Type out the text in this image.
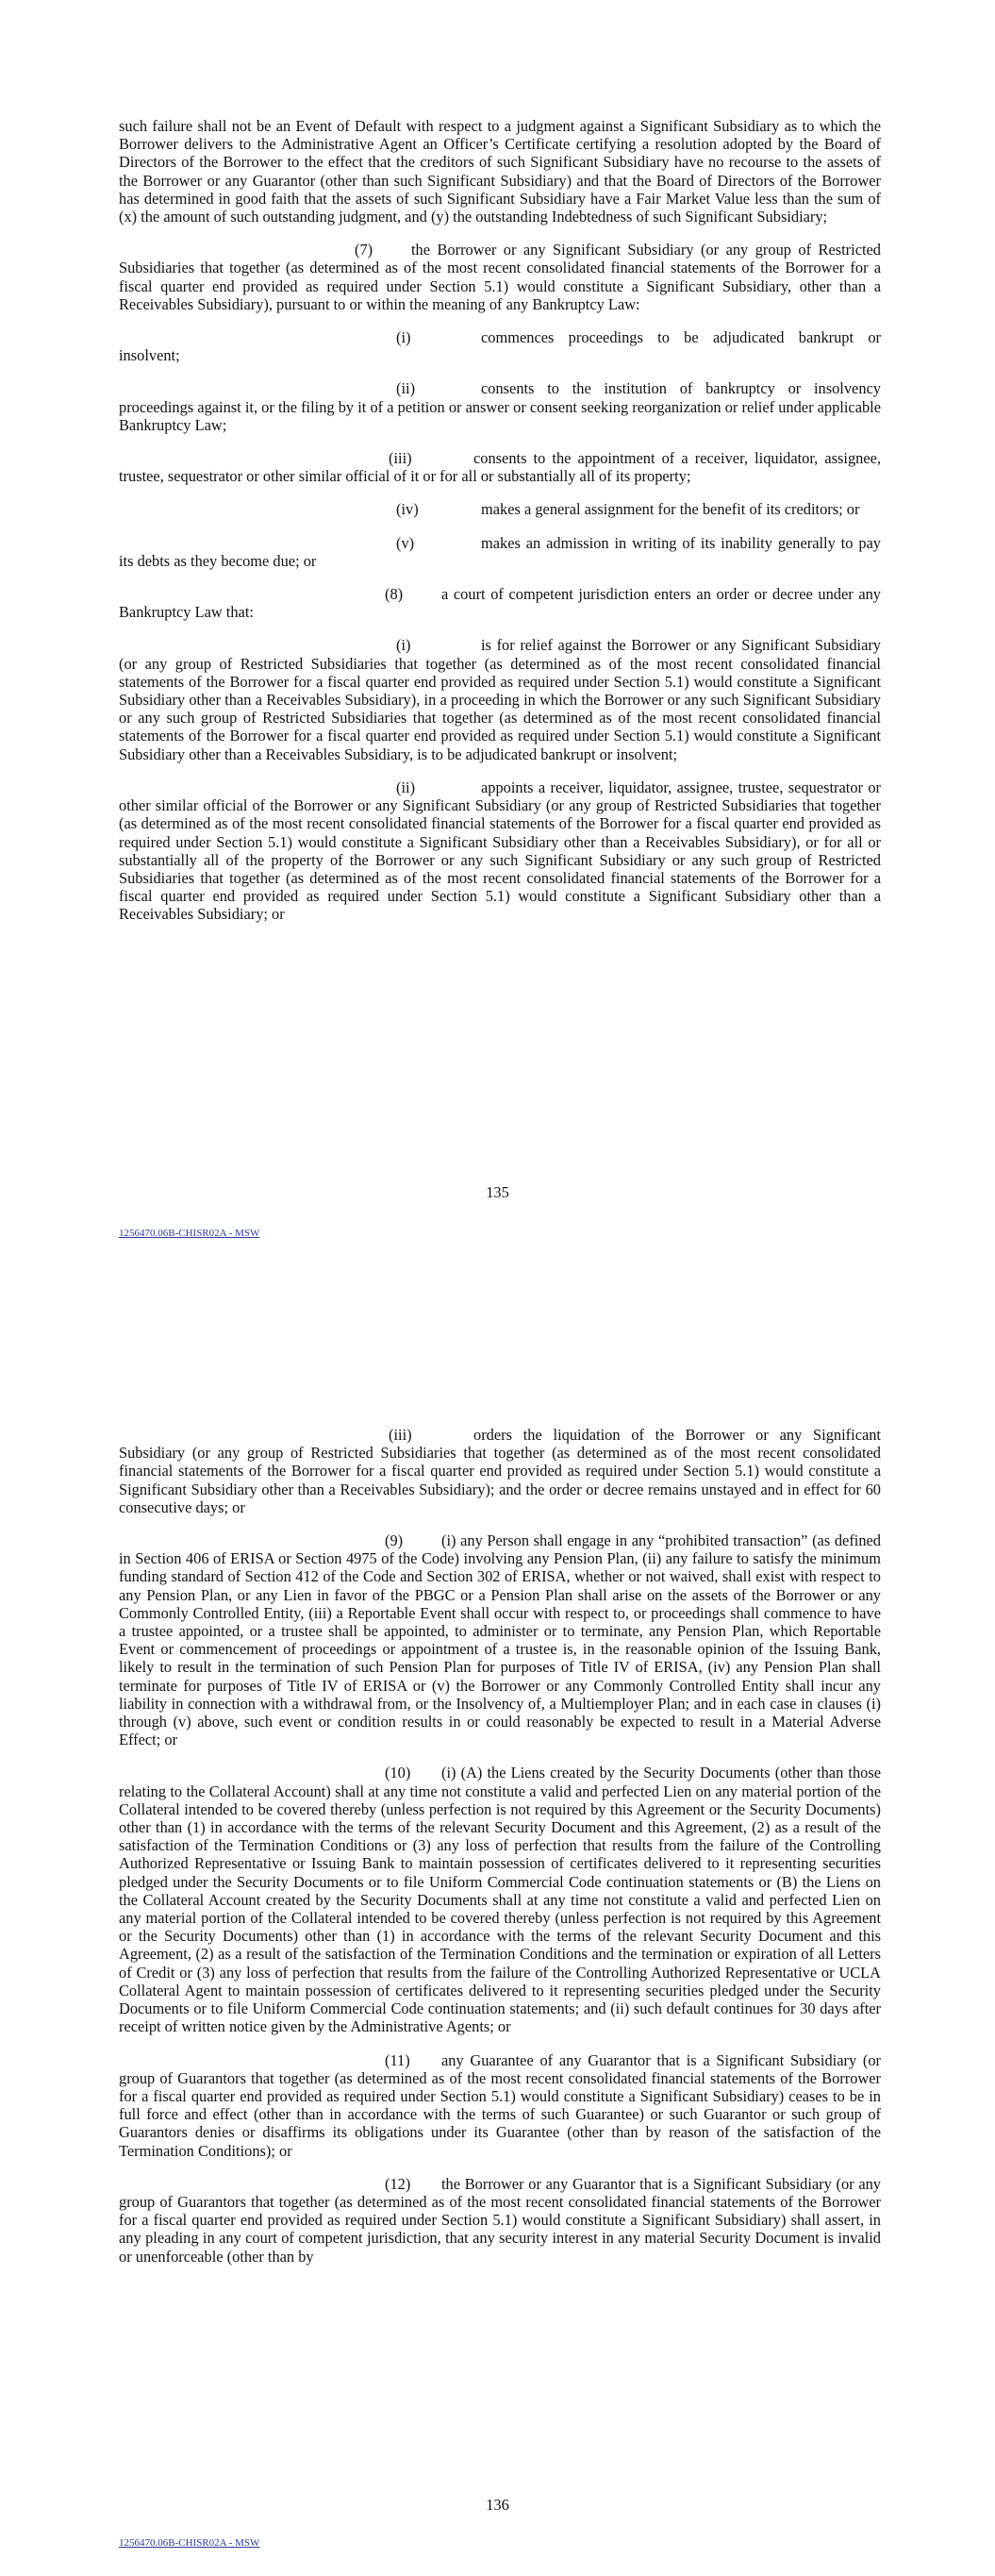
such failure shall not be an Event of Default with respect to a judgment against a Significant Subsidiary as to which the Borrower delivers to the Administrative Agent an Officer’s Certificate certifying a resolution adopted by the Board of Directors of the Borrower to the effect that the creditors of such Significant Subsidiary have no recourse to the assets of the Borrower or any Guarantor (other than such Significant Subsidiary) and that the Board of Directors of the Borrower has determined in good faith that the assets of such Significant Subsidiary have a Fair Market Value less than the sum of (x) the amount of such outstanding judgment, and (y) the outstanding Indebtedness of such Significant Subsidiary;

(7) the Borrower or any Significant Subsidiary (or any group of Restricted Subsidiaries that together (as determined as of the most recent consolidated financial statements of the Borrower for a fiscal quarter end provided as required under Section 5.1) would constitute a Significant Subsidiary, other than a Receivables Subsidiary), pursuant to or within the meaning of any Bankruptcy Law:

(i)	commences proceedings to be adjudicated bankrupt or insolvent;

(ii)	consents to the institution of bankruptcy or insolvency proceedings against it, or the filing by it of a petition or answer or consent seeking reorganization or relief under applicable Bankruptcy Law;

(iii)	consents to the appointment of a receiver, liquidator, assignee, trustee, sequestrator or other similar official of it or for all or substantially all of its property;

(iv)	makes a general assignment for the benefit of its creditors; or

(v)	makes an admission in writing of its inability generally to pay its debts as they become due; or

(8) a court of competent jurisdiction enters an order or decree under any Bankruptcy Law that:

(i)	is for relief against the Borrower or any Significant Subsidiary (or any group of Restricted Subsidiaries that together (as determined as of the most recent consolidated financial statements of the Borrower for a fiscal quarter end provided as required under Section 5.1) would constitute a Significant Subsidiary other than a Receivables Subsidiary), in a proceeding in which the Borrower or any such Significant Subsidiary or any such group of Restricted Subsidiaries that together (as determined as of the most recent consolidated financial statements of the Borrower for a fiscal quarter end provided as required under Section 5.1) would constitute a Significant Subsidiary other than a Receivables Subsidiary, is to be adjudicated bankrupt or insolvent;

(ii)	appoints a receiver, liquidator, assignee, trustee, sequestrator or other similar official of the Borrower or any Significant Subsidiary (or any group of Restricted Subsidiaries that together (as determined as of the most recent consolidated financial statements of the Borrower for a fiscal quarter end provided as required under Section 5.1) would constitute a Significant Subsidiary other than a Receivables Subsidiary), or for all or substantially all of the property of the Borrower or any such Significant Subsidiary or any such group of Restricted Subsidiaries that together (as determined as of the most recent consolidated financial statements of the Borrower for a fiscal quarter end provided as required under Section 5.1) would constitute a Significant Subsidiary other than a Receivables Subsidiary; or

135
1256470.06B-CHISR02A - MSW

(iii)	orders the liquidation of the Borrower or any Significant Subsidiary (or any group of Restricted Subsidiaries that together (as determined as of the most recent consolidated financial statements of the Borrower for a fiscal quarter end provided as required under Section 5.1) would constitute a Significant Subsidiary other than a Receivables Subsidiary); and the order or decree remains unstayed and in effect for 60 consecutive days; or

(9) (i) any Person shall engage in any “prohibited transaction” (as defined in Section 406 of ERISA or Section 4975 of the Code) involving any Pension Plan, (ii) any failure to satisfy the minimum funding standard of Section 412 of the Code and Section 302 of ERISA, whether or not waived, shall exist with respect to any Pension Plan, or any Lien in favor of the PBGC or a Pension Plan shall arise on the assets of the Borrower or any Commonly Controlled Entity, (iii) a Reportable Event shall occur with respect to, or proceedings shall commence to have a trustee appointed, or a trustee shall be appointed, to administer or to terminate, any Pension Plan, which Reportable Event or commencement of proceedings or appointment of a trustee is, in the reasonable opinion of the Issuing Bank, likely to result in the termination of such Pension Plan for purposes of Title IV of ERISA, (iv) any Pension Plan shall terminate for purposes of Title IV of ERISA or (v) the Borrower or any Commonly Controlled Entity shall incur any liability in connection with a withdrawal from, or the Insolvency of, a Multiemployer Plan; and in each case in clauses (i) through (v) above, such event or condition results in or could reasonably be expected to result in a Material Adverse Effect; or

(10) (i) (A) the Liens created by the Security Documents (other than those relating to the Collateral Account) shall at any time not constitute a valid and perfected Lien on any material portion of the Collateral intended to be covered thereby (unless perfection is not required by this Agreement or the Security Documents) other than (1) in accordance with the terms of the relevant Security Document and this Agreement, (2) as a result of the satisfaction of the Termination Conditions or (3) any loss of perfection that results from the failure of the Controlling Authorized Representative or Issuing Bank to maintain possession of certificates delivered to it representing securities pledged under the Security Documents or to file Uniform Commercial Code continuation statements or (B) the Liens on the Collateral Account created by the Security Documents shall at any time not constitute a valid and perfected Lien on any material portion of the Collateral intended to be covered thereby (unless perfection is not required by this Agreement or the Security Documents) other than (1) in accordance with the terms of the relevant Security Document and this Agreement, (2) as a result of the satisfaction of the Termination Conditions and the termination or expiration of all Letters of Credit or (3) any loss of perfection that results from the failure of the Controlling Authorized Representative or UCLA Collateral Agent to maintain possession of certificates delivered to it representing securities pledged under the Security Documents or to file Uniform Commercial Code continuation statements; and (ii) such default continues for 30 days after receipt of written notice given by the Administrative Agents; or

(11) any Guarantee of any Guarantor that is a Significant Subsidiary (or group of Guarantors that together (as determined as of the most recent consolidated financial statements of the Borrower for a fiscal quarter end provided as required under Section 5.1) would constitute a Significant Subsidiary) ceases to be in full force and effect (other than in accordance with the terms of such Guarantee) or such Guarantor or such group of Guarantors denies or disaffirms its obligations under its Guarantee (other than by reason of the satisfaction of the Termination Conditions); or

(12) the Borrower or any Guarantor that is a Significant Subsidiary (or any group of Guarantors that together (as determined as of the most recent consolidated financial statements of the Borrower for a fiscal quarter end provided as required under Section 5.1) would constitute a Significant Subsidiary) shall assert, in any pleading in any court of competent jurisdiction, that any security interest in any material Security Document is invalid or unenforceable (other than by

136
1256470.06B-CHISR02A - MSW
